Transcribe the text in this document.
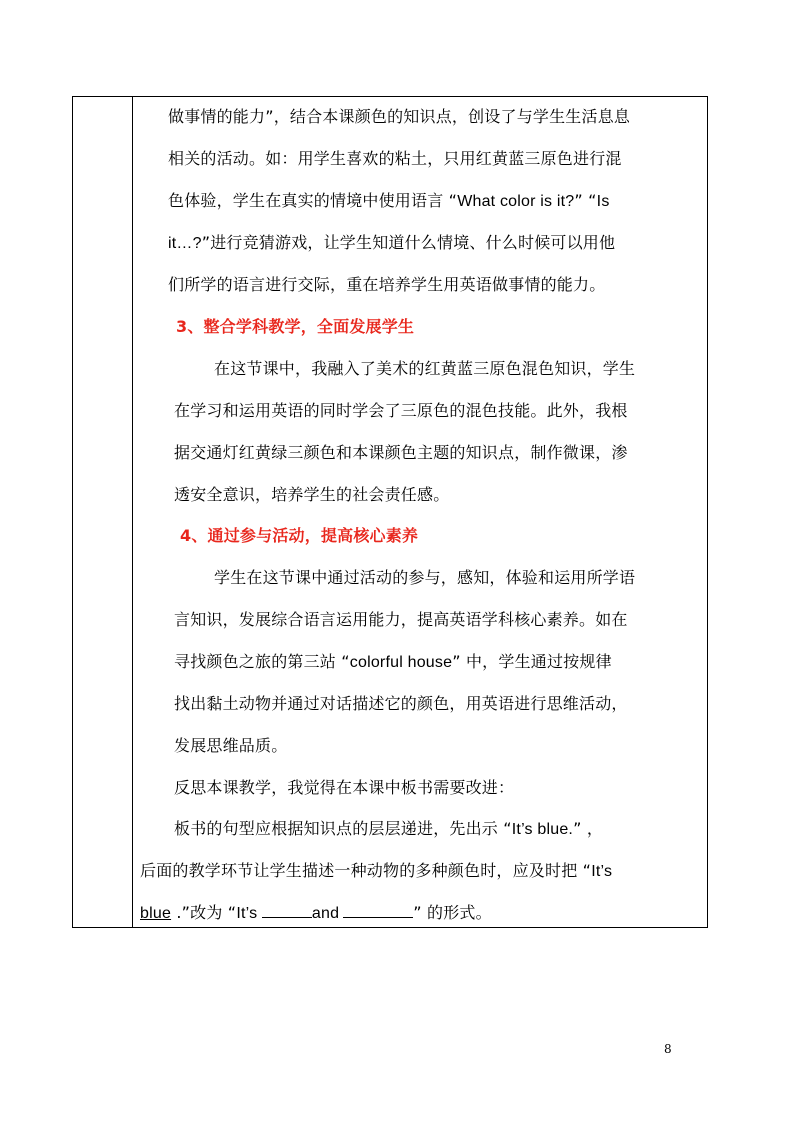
做事情的能力”，结合本课颜色的知识点，创设了与学生生活息息
相关的活动。如：用学生喜欢的粘土，只用红黄蓝三原色进行混
色体验，学生在真实的情境中使用语言 “What color is it?” “Is
it…?”进行竞猜游戏，让学生知道什么情境、什么时候可以用他
们所学的语言进行交际，重在培养学生用英语做事情的能力。
3、整合学科教学，全面发展学生
在这节课中，我融入了美术的红黄蓝三原色混色知识，学生
在学习和运用英语的同时学会了三原色的混色技能。此外，我根
据交通灯红黄绿三颜色和本课颜色主题的知识点，制作微课，渗
透安全意识，培养学生的社会责任感。
4、通过参与活动，提高核心素养
学生在这节课中通过活动的参与，感知，体验和运用所学语
言知识，发展综合语言运用能力，提高英语学科核心素养。如在
寻找颜色之旅的第三站 “colorful house” 中，学生通过按规律
找出黏土动物并通过对话描述它的颜色，用英语进行思维活动，
发展思维品质。
反思本课教学，我觉得在本课中板书需要改进：
板书的句型应根据知识点的层层递进，先出示 “It’s blue.” ，
后面的教学环节让学生描述一种动物的多种颜色时，应及时把 “It’s
blue .”改为 “It’s	and	” 的形式。
8
